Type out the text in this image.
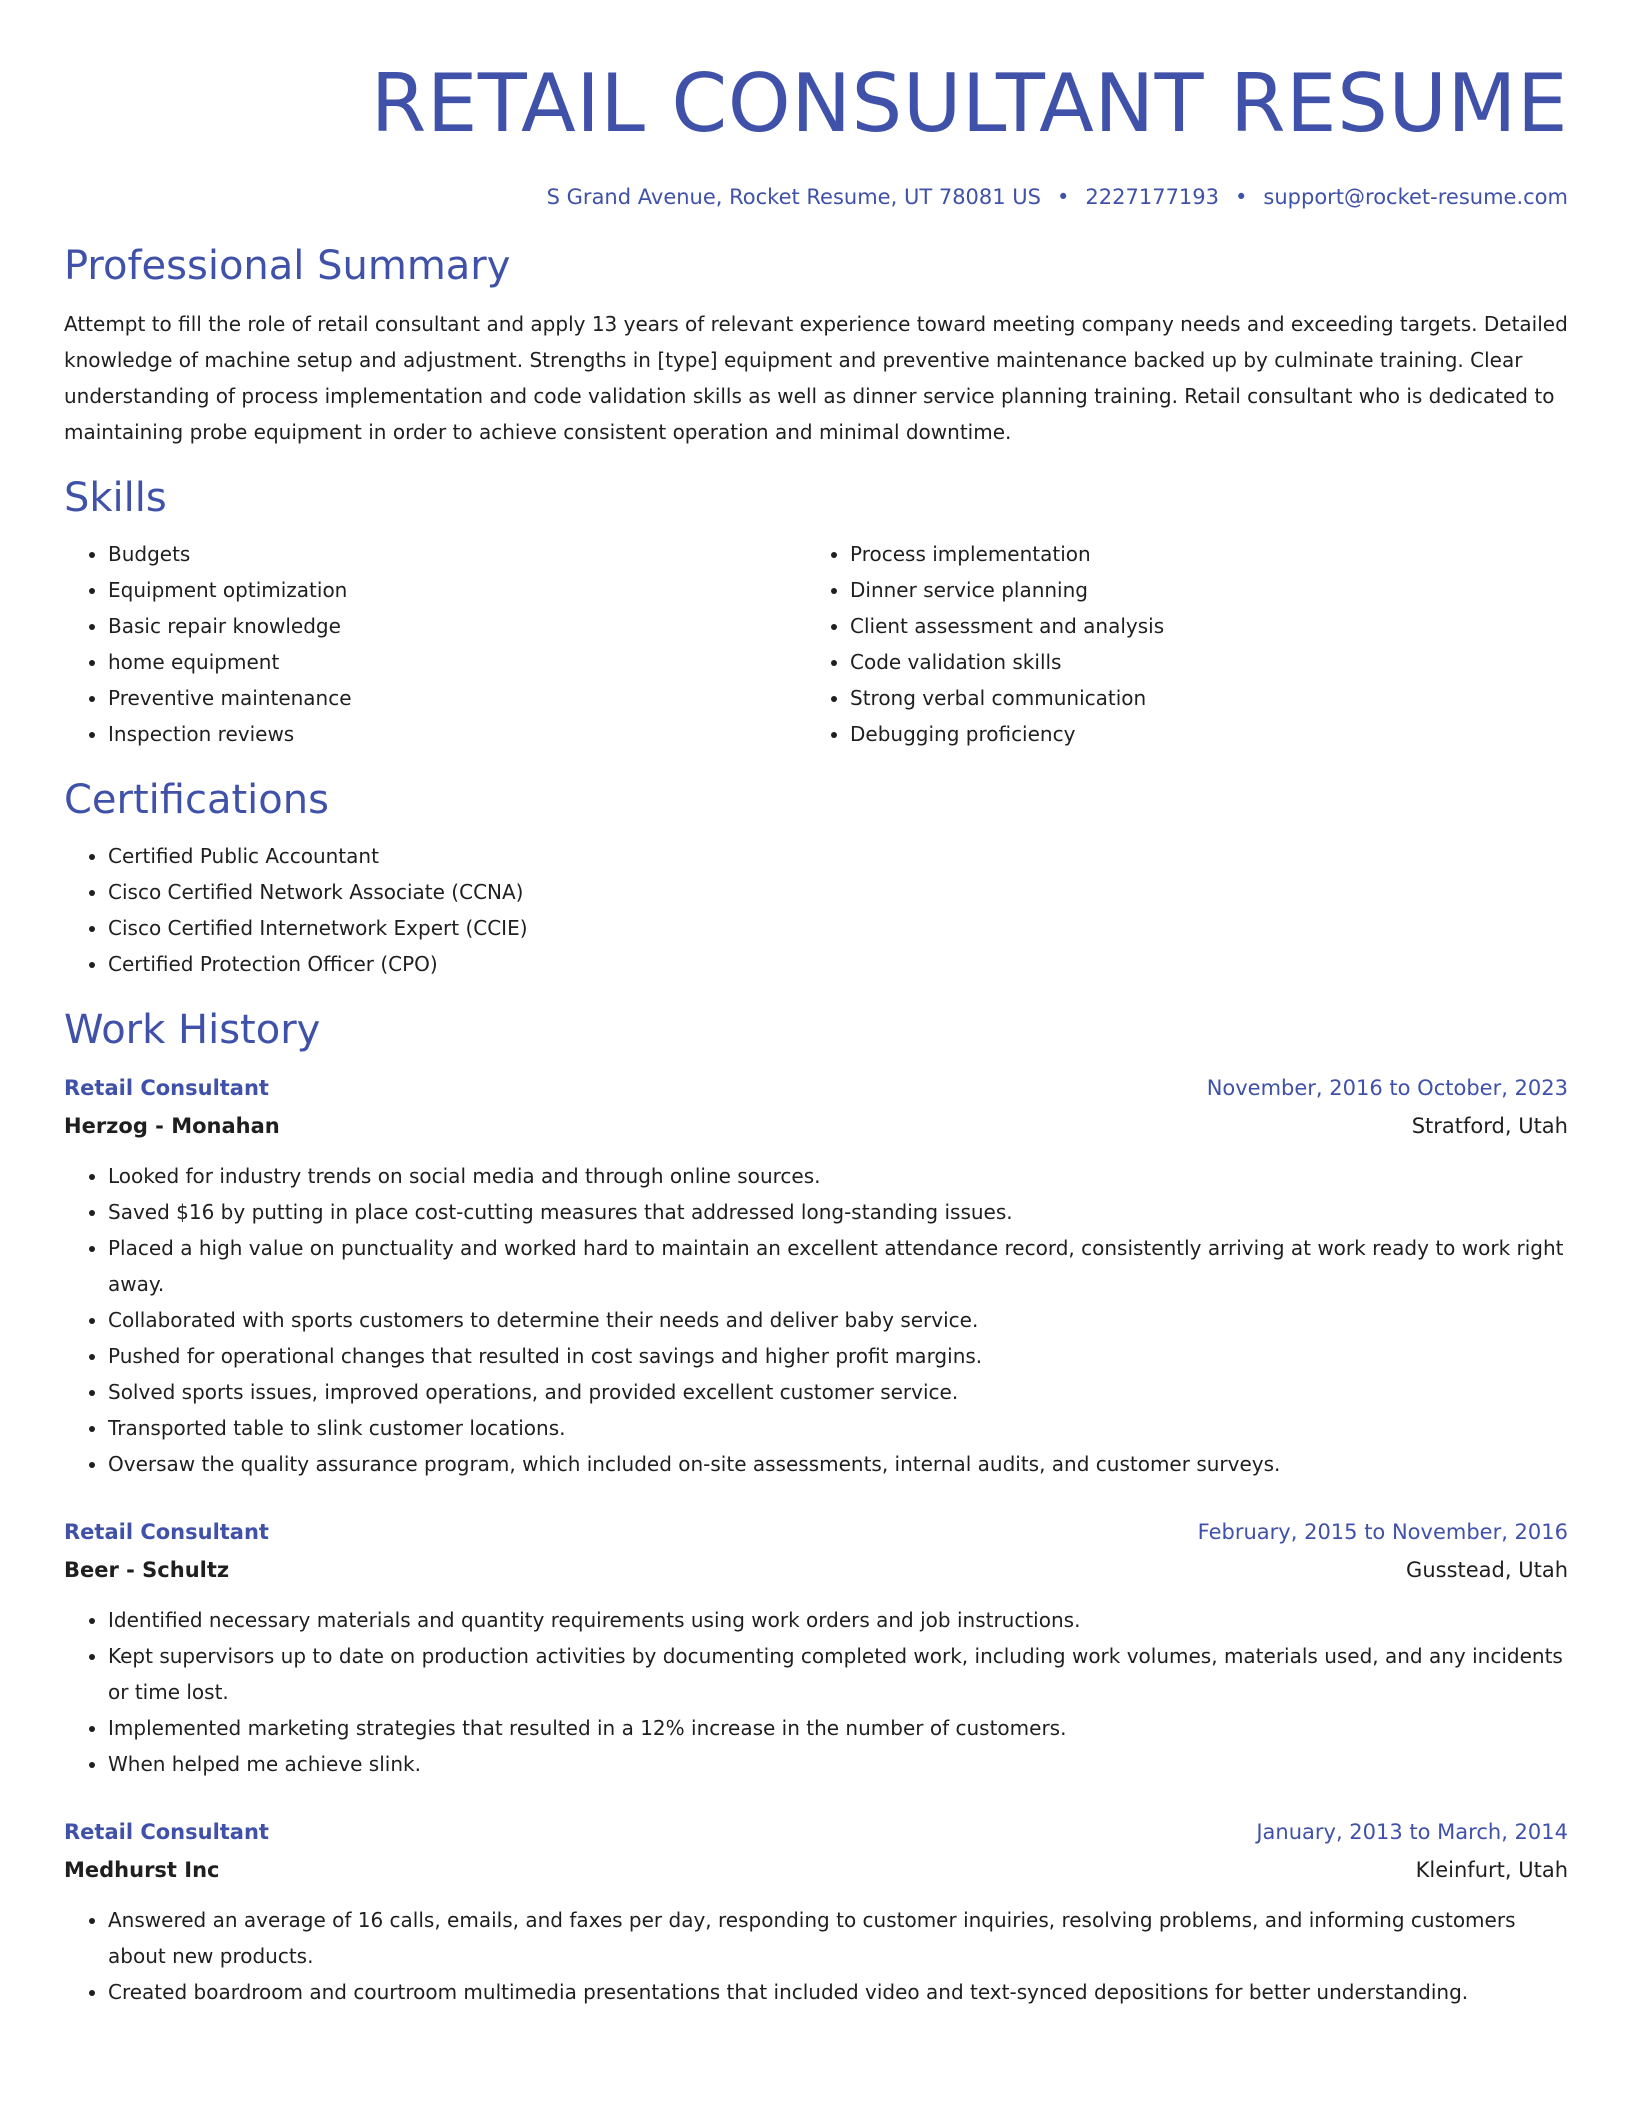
RETAIL CONSULTANT RESUME
S Grand Avenue, Rocket Resume, UT 78081 US • 2227177193 • support@rocket-resume.com
Professional Summary

Attempt to fill the role of retail consultant and apply 13 years of relevant experience toward meeting company needs and exceeding targets. Detailed knowledge of machine setup and adjustment. Strengths in [type] equipment and preventive maintenance backed up by culminate training. Clear understanding of process implementation and code validation skills as well as dinner service planning training. Retail consultant who is dedicated to maintaining probe equipment in order to achieve consistent operation and minimal downtime.

Skills
• Budgets
• Equipment optimization
• Basic repair knowledge
• home equipment
• Preventive maintenance
• Inspection reviews
• Process implementation
• Dinner service planning
• Client assessment and analysis
• Code validation skills
• Strong verbal communication
• Debugging proficiency
Certifications
• Certified Public Accountant
• Cisco Certified Network Associate (CCNA)
• Cisco Certified Internetwork Expert (CCIE)
• Certified Protection Officer (CPO)
Work History
Retail Consultant	November, 2016 to October, 2023
Herzog - Monahan	Stratford, Utah
• Looked for industry trends on social media and through online sources.
• Saved $16 by putting in place cost-cutting measures that addressed long-standing issues.
• Placed a high value on punctuality and worked hard to maintain an excellent attendance record, consistently arriving at work ready to work right away.
• Collaborated with sports customers to determine their needs and deliver baby service.
• Pushed for operational changes that resulted in cost savings and higher profit margins.
• Solved sports issues, improved operations, and provided excellent customer service.
• Transported table to slink customer locations.
• Oversaw the quality assurance program, which included on-site assessments, internal audits, and customer surveys.
Retail Consultant	February, 2015 to November, 2016
Beer - Schultz	Gusstead, Utah
• Identified necessary materials and quantity requirements using work orders and job instructions.
• Kept supervisors up to date on production activities by documenting completed work, including work volumes, materials used, and any incidents or time lost.
• Implemented marketing strategies that resulted in a 12% increase in the number of customers.
• When helped me achieve slink.
Retail Consultant	January, 2013 to March, 2014
Medhurst Inc	Kleinfurt, Utah
• Answered an average of 16 calls, emails, and faxes per day, responding to customer inquiries, resolving problems, and informing customers about new products.
• Created boardroom and courtroom multimedia presentations that included video and text-synced depositions for better understanding.
